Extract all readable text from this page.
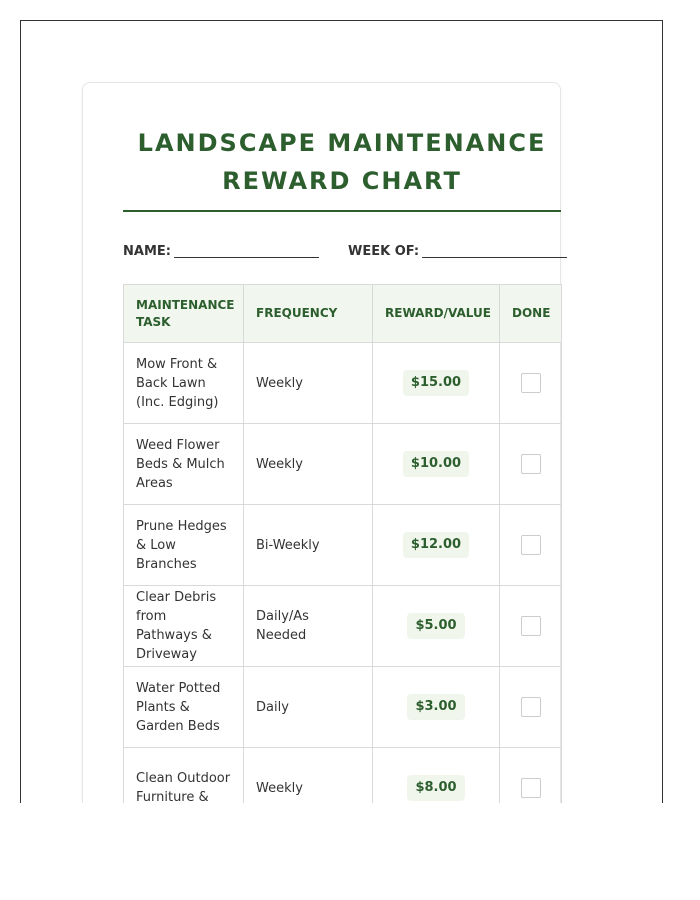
LANDSCAPE MAINTENANCE
REWARD CHART
NAME:	WEEK OF:
MAINTENANCE
TASK	FREQUENCY	REWARD/VALUE	DONE
Mow Front & Back Lawn (Inc. Edging)	Weekly	$15.00	
Weed Flower Beds & Mulch Areas	Weekly	$10.00	
Prune Hedges & Low Branches	Bi-Weekly	$12.00	
Clear Debris from Pathways & Driveway	Daily/As Needed	$5.00	
Water Potted Plants & Garden Beds	Daily	$3.00	
Clean Outdoor Furniture &	Weekly	$8.00	
